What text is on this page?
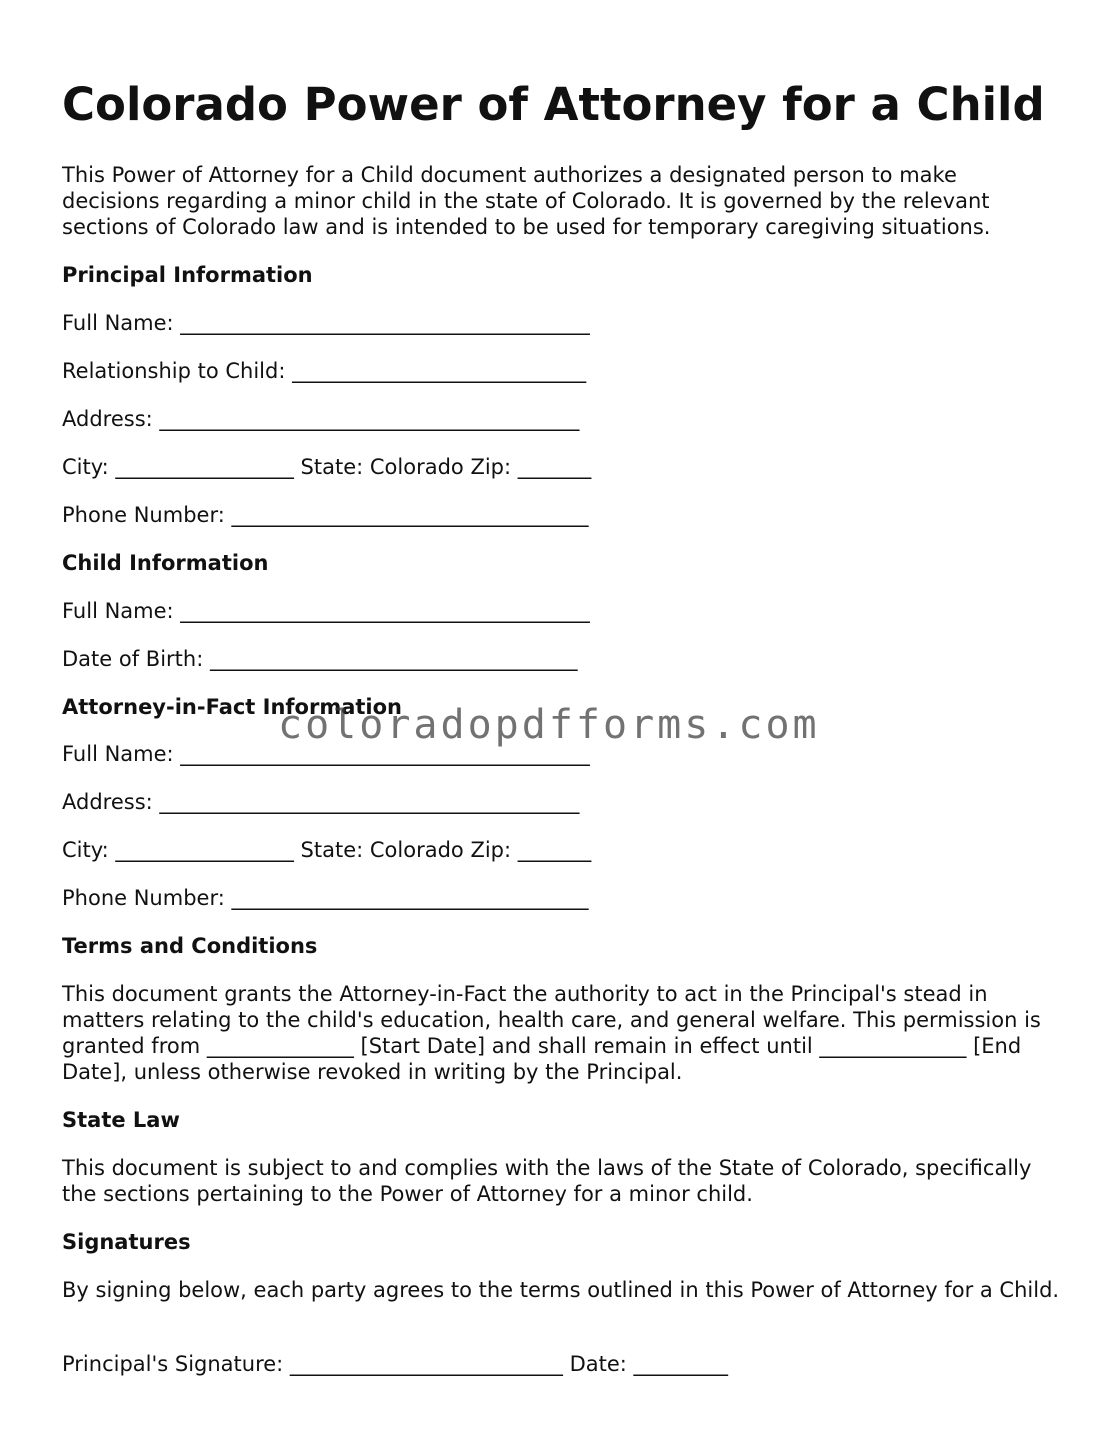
Colorado Power of Attorney for a Child
This Power of Attorney for a Child document authorizes a designated person to make decisions regarding a minor child in the state of Colorado. It is governed by the relevant sections of Colorado law and is intended to be used for temporary caregiving situations.
Principal Information
Full Name: _______________________________________
Relationship to Child: ____________________________
Address: ________________________________________
City: _________________ State: Colorado Zip: _______
Phone Number: __________________________________
Child Information
Full Name: _______________________________________
Date of Birth: ___________________________________
Attorney-in-Fact Information
Full Name: _______________________________________
Address: ________________________________________
City: _________________ State: Colorado Zip: _______
Phone Number: __________________________________
Terms and Conditions
This document grants the Attorney-in-Fact the authority to act in the Principal's stead in matters relating to the child's education, health care, and general welfare. This permission is granted from ______________ [Start Date] and shall remain in effect until ______________ [End Date], unless otherwise revoked in writing by the Principal.
State Law
This document is subject to and complies with the laws of the State of Colorado, specifically the sections pertaining to the Power of Attorney for a minor child.
Signatures
By signing below, each party agrees to the terms outlined in this Power of Attorney for a Child.
Principal's Signature: __________________________ Date: _________
coloradopdfforms.com
